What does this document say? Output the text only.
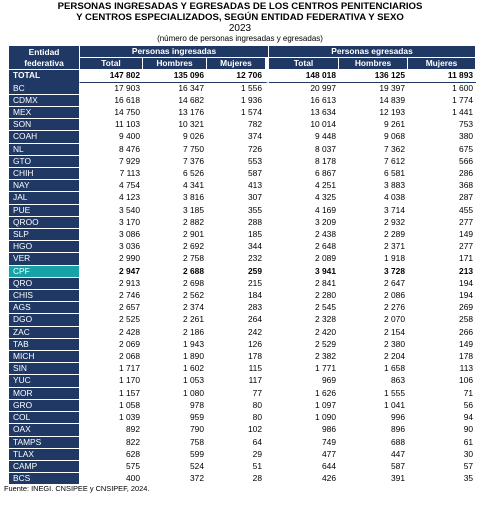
PERSONAS INGRESADAS Y EGRESADAS DE LOS CENTROS PENITENCIARIOS
Y CENTROS ESPECIALIZADOS, SEGÚN ENTIDAD FEDERATIVA Y SEXO
2023
(número de personas ingresadas y egresadas)
Entidad
federativa	Personas ingresadas			Personas egresadas		
	Total	Hombres	Mujeres	Total	Hombres	Mujeres
TOTAL	147 802	135 096	12 706	148 018	136 125	11 893
BC	17 903	16 347	1 556	20 997	19 397	1 600
CDMX	16 618	14 682	1 936	16 613	14 839	1 774
MEX	14 750	13 176	1 574	13 634	12 193	1 441
SON	11 103	10 321	782	10 014	9 261	753
COAH	9 400	9 026	374	9 448	9 068	380
NL	8 476	7 750	726	8 037	7 362	675
GTO	7 929	7 376	553	8 178	7 612	566
CHIH	7 113	6 526	587	6 867	6 581	286
NAY	4 754	4 341	413	4 251	3 883	368
JAL	4 123	3 816	307	4 325	4 038	287
PUE	3 540	3 185	355	4 169	3 714	455
QROO	3 170	2 882	288	3 209	2 932	277
SLP	3 086	2 901	185	2 438	2 289	149
HGO	3 036	2 692	344	2 648	2 371	277
VER	2 990	2 758	232	2 089	1 918	171
CPF	2 947	2 688	259	3 941	3 728	213
QRO	2 913	2 698	215	2 841	2 647	194
CHIS	2 746	2 562	184	2 280	2 086	194
AGS	2 657	2 374	283	2 545	2 276	269
DGO	2 525	2 261	264	2 328	2 070	258
ZAC	2 428	2 186	242	2 420	2 154	266
TAB	2 069	1 943	126	2 529	2 380	149
MICH	2 068	1 890	178	2 382	2 204	178
SIN	1 717	1 602	115	1 771	1 658	113
YUC	1 170	1 053	117	969	863	106
MOR	1 157	1 080	77	1 626	1 555	71
GRO	1 058	978	80	1 097	1 041	56
COL	1 039	959	80	1 090	996	94
OAX	892	790	102	986	896	90
TAMPS	822	758	64	749	688	61
TLAX	628	599	29	477	447	30
CAMP	575	524	51	644	587	57
BCS	400	372	28	426	391	35
Fuente: INEGI. CNSIPEE y CNSIPEF, 2024.
